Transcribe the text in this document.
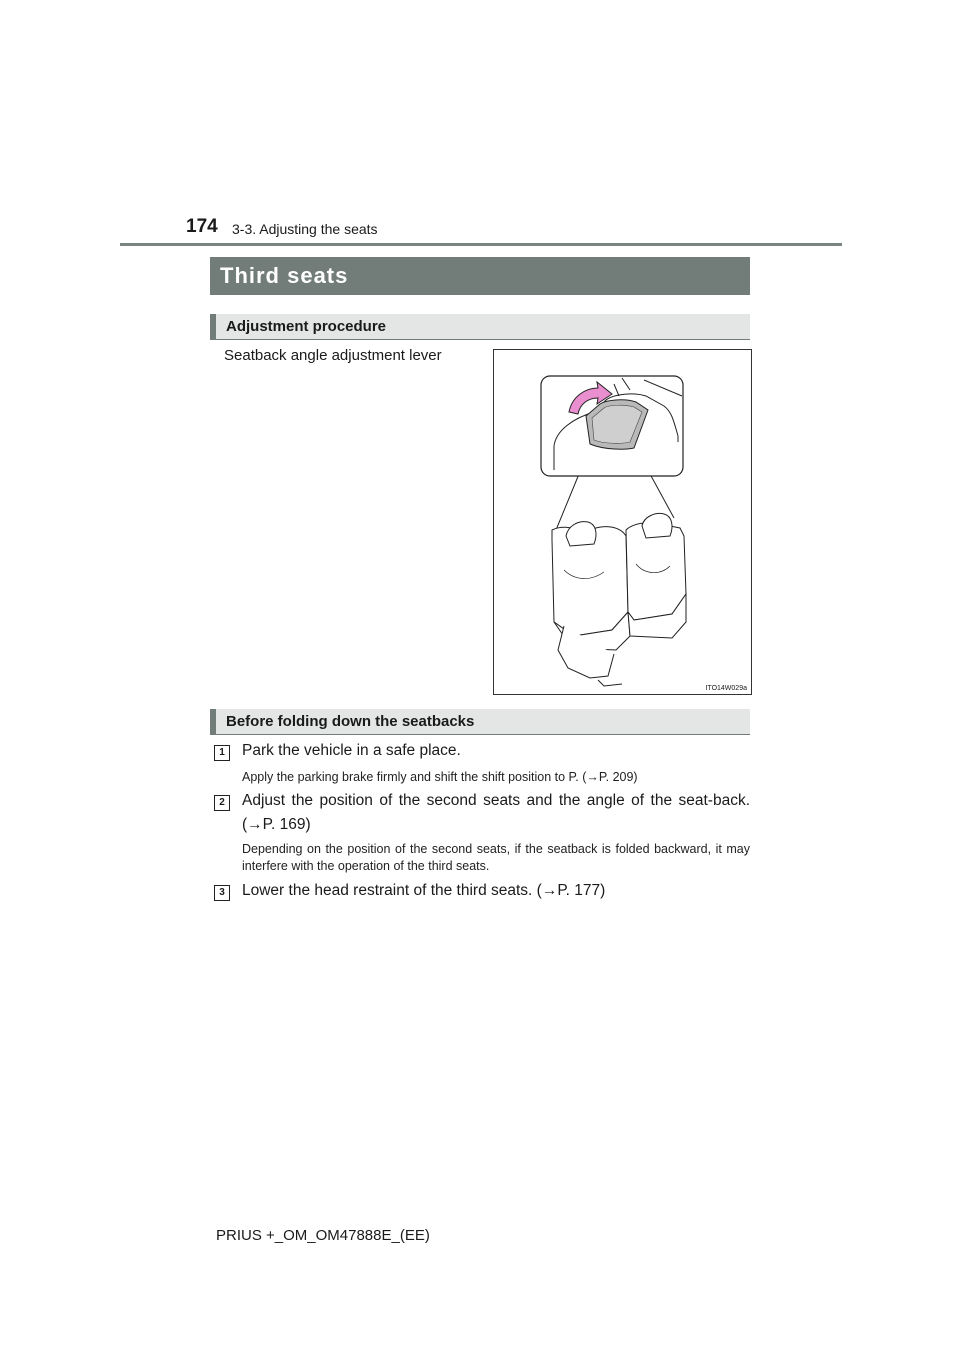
174 3-3. Adjusting the seats
Third seats
Adjustment procedure
Seatback angle adjustment lever
ITO14W029a
Before folding down the seatbacks
1	Park the vehicle in a safe place.
Apply the parking brake firmly and shift the shift position to P. (→P. 209)
2	Adjust the position of the second seats and the angle of the seat-back. (→P. 169)
Depending on the position of the second seats, if the seatback is folded backward, it may interfere with the operation of the third seats.
3	Lower the head restraint of the third seats. (→P. 177)
PRIUS +_OM_OM47888E_(EE)
